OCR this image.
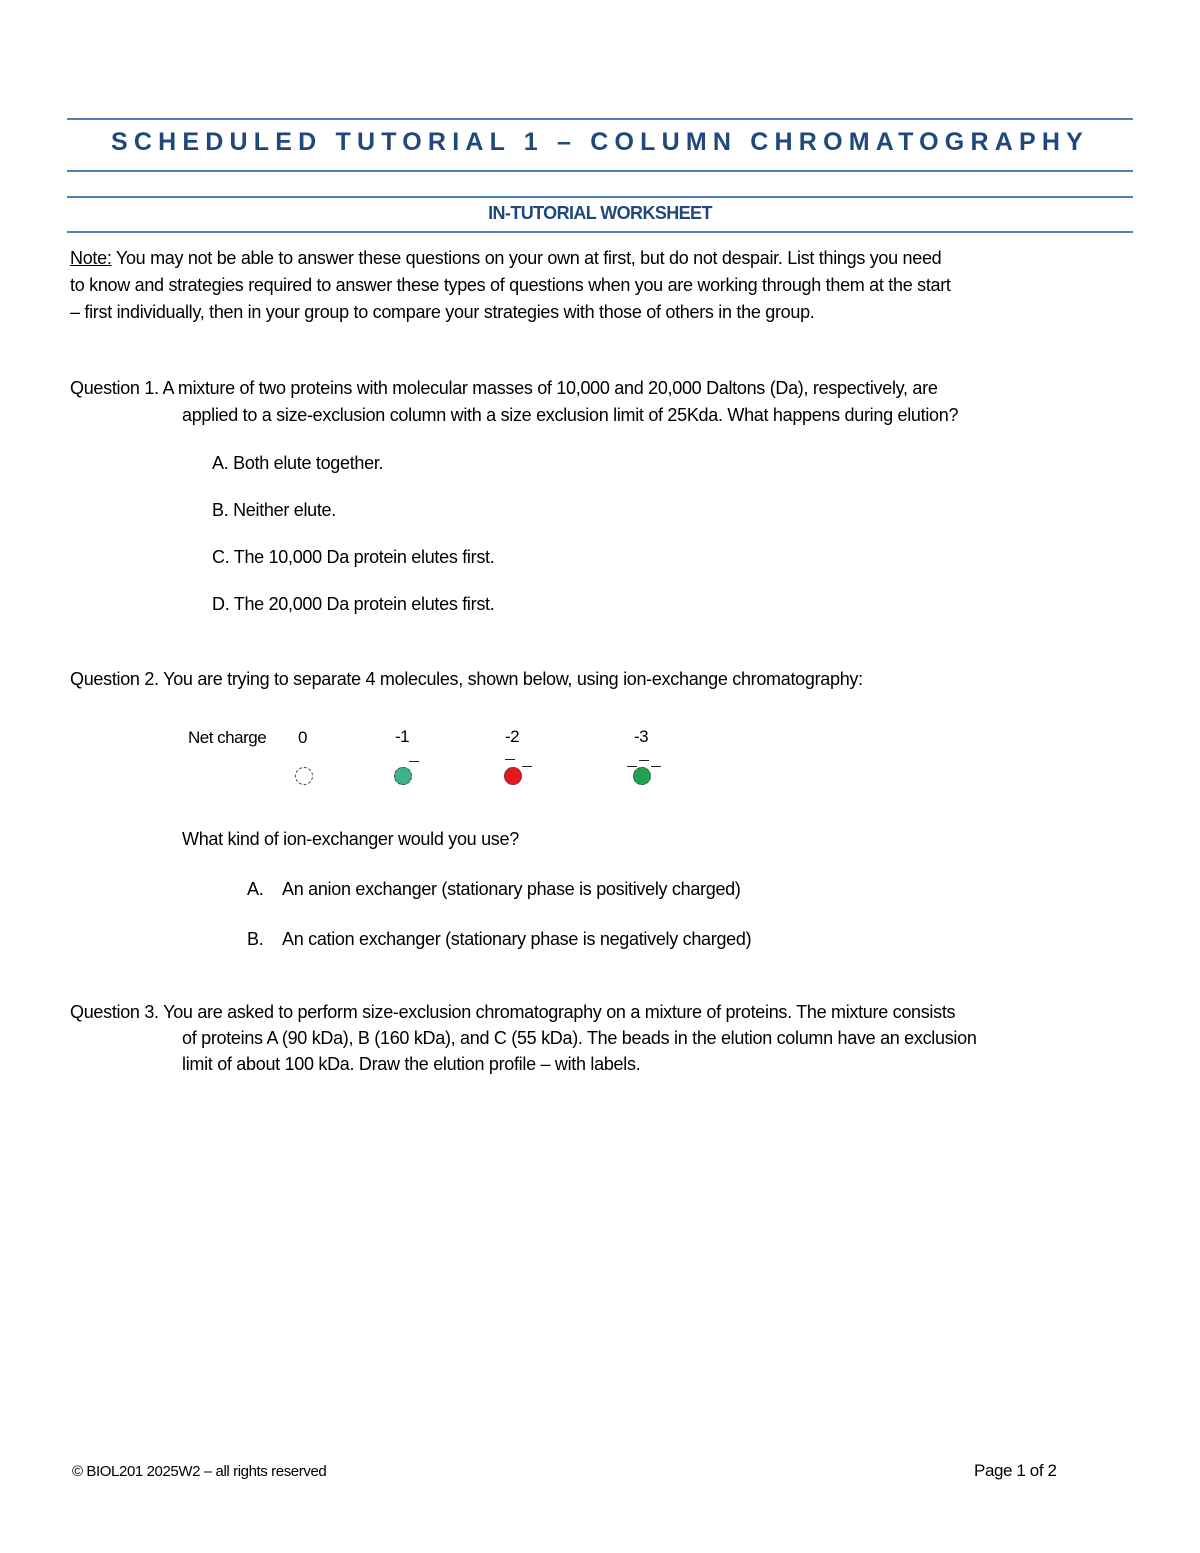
SCHEDULED TUTORIAL 1 – COLUMN CHROMATOGRAPHY
IN-TUTORIAL WORKSHEET
Note: You may not be able to answer these questions on your own at first, but do not despair. List things you need
to know and strategies required to answer these types of questions when you are working through them at the start
– first individually, then in your group to compare your strategies with those of others in the group.
Question 1. A mixture of two proteins with molecular masses of 10,000 and 20,000 Daltons (Da), respectively, are
applied to a size-exclusion column with a size exclusion limit of 25Kda. What happens during elution?
A. Both elute together.
B. Neither elute.
C. The 10,000 Da protein elutes first.
D. The 20,000 Da protein elutes first.
Question 2. You are trying to separate 4 molecules, shown below, using ion-exchange chromatography:
Net charge 0	-1	-2	-3
What kind of ion-exchanger would you use?
A. An anion exchanger (stationary phase is positively charged)
B. An cation exchanger (stationary phase is negatively charged)
Question 3. You are asked to perform size-exclusion chromatography on a mixture of proteins. The mixture consists
of proteins A (90 kDa), B (160 kDa), and C (55 kDa). The beads in the elution column have an exclusion
limit of about 100 kDa. Draw the elution profile – with labels.
© BIOL201 2025W2 – all rights reserved	Page 1 of 2
